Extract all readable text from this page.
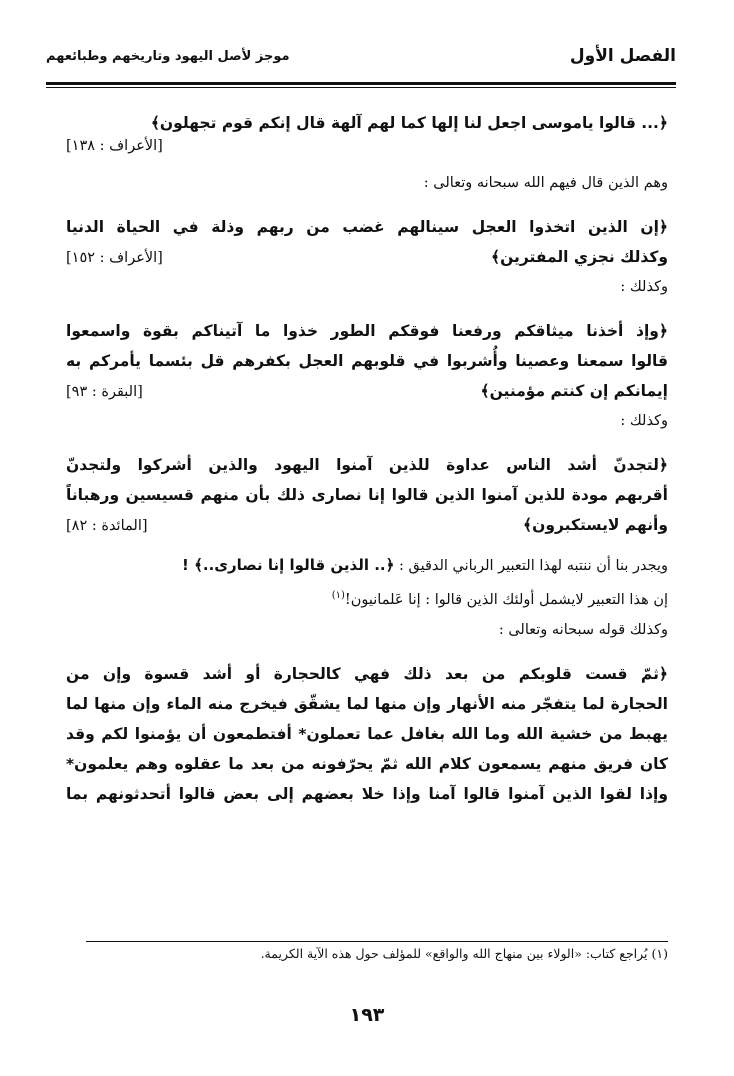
الفصل الأول
موجز لأصل اليهود وتاريخهم وطبائعهم
﴿... قالوا ياموسى اجعل لنا إلها كما لهم آلهة قال إنكم قوم تجهلون﴾
[الأعراف : ١٣٨]
وهم الذين قال فيهم الله سبحانه وتعالى :
﴿إن الذين اتخذوا العجل سينالهم غضب من ربهم وذلة في الحياة الدنيا
وكذلك نجزي المفترين﴾
[الأعراف : ١٥٢]
وكذلك :
﴿وإذ أخذنا ميثاقكم ورفعنا فوقكم الطور خذوا ما آتيناكم بقوة واسمعوا
قالوا سمعنا وعصينا وأُشربوا في قلوبهم العجل بكفرهم قل بئسما يأمركم به
إيمانكم إن كنتم مؤمنين﴾
[البقرة : ٩٣]
وكذلك :
﴿لتجدنّ أشد الناس عداوة للذين آمنوا اليهود والذين أشركوا ولتجدنّ
أقربهم مودة للذين آمنوا الذين قالوا إنا نصارى ذلك بأن منهم قسيسين ورهباناً
وأنهم لايستكبرون﴾
[المائدة : ٨٢]
ويجدر بنا أن ننتبه لهذا التعبير الرباني الدقيق : ﴿.. الذين قالوا إنا نصارى..﴾ !
إن هذا التعبير لايشمل أولئك الذين قالوا : إنا عَلمانيون!$^{(١)}$
وكذلك قوله سبحانه وتعالى :
﴿ثمّ قست قلوبكم من بعد ذلك فهي كالحجارة أو أشد قسوة وإن من
الحجارة لما يتفجّر منه الأنهار وإن منها لما يشقّق فيخرج منه الماء وإن منها لما
يهبط من خشية الله وما الله بغافل عما تعملون* أفتطمعون أن يؤمنوا لكم وقد
كان فريق منهم يسمعون كلام الله ثمّ يحرّفونه من بعد ما عقلوه وهم يعلمون*
وإذا لقوا الذين آمنوا قالوا آمنا وإذا خلا بعضهم إلى بعض قالوا أتحدثونهم بما
(١) يُراجع كتاب: «الولاء بين منهاج الله والواقع» للمؤلف حول هذه الآية الكريمة.
١٩٣
